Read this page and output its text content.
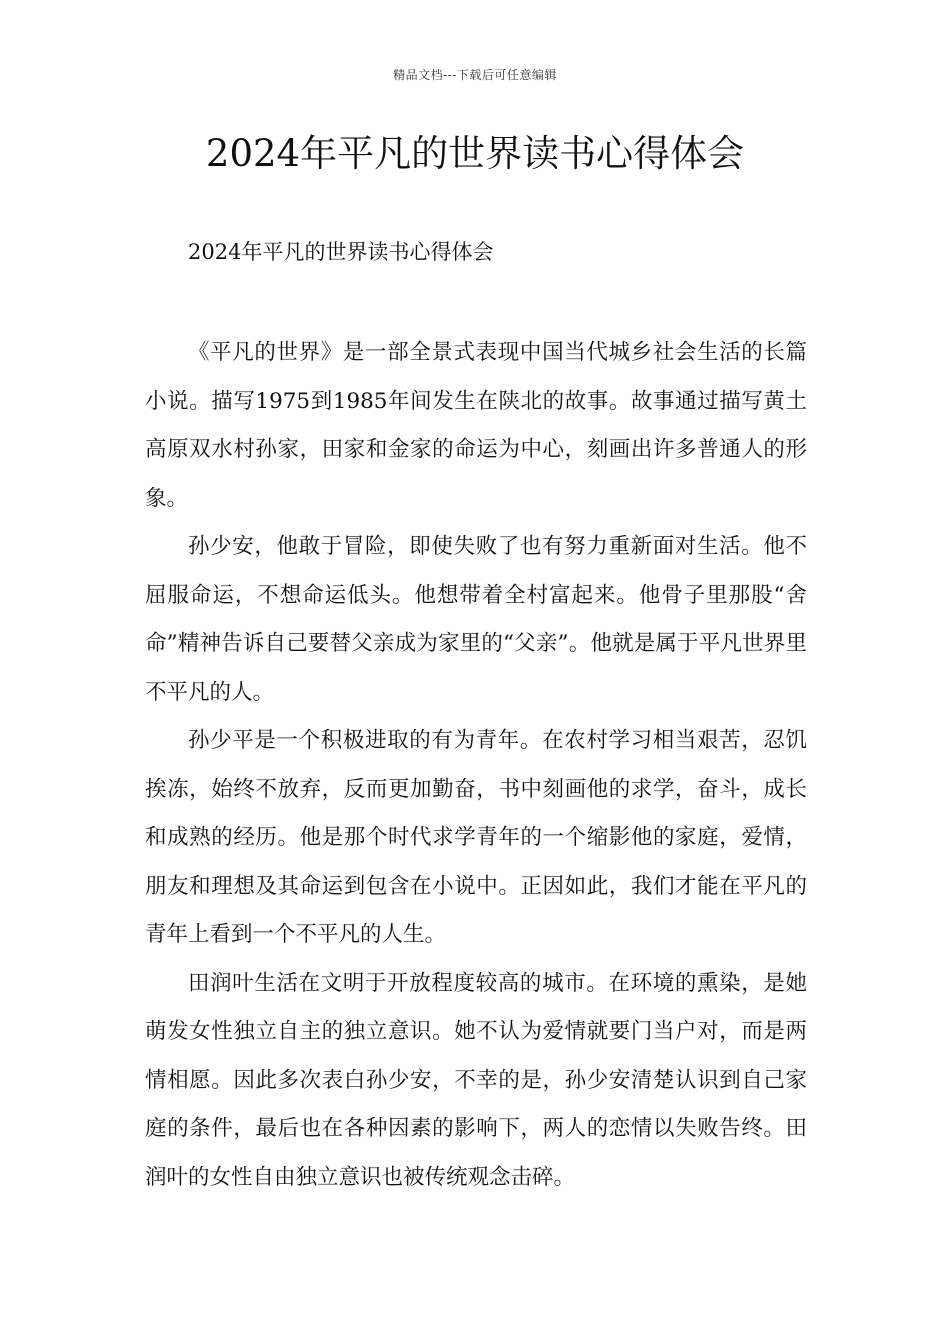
精品文档---下载后可任意编辑
2024年平凡的世界读书心得体会
2024年平凡的世界读书心得体会

《平凡的世界》是一部全景式表现中国当代城乡社会生活的长篇小说。描写1975到1985年间发生在陕北的故事。故事通过描写黄土高原双水村孙家，田家和金家的命运为中心，刻画出许多普通人的形象。

孙少安，他敢于冒险，即使失败了也有努力重新面对生活。他不屈服命运，不想命运低头。他想带着全村富起来。他骨子里那股“舍命”精神告诉自己要替父亲成为家里的“父亲”。他就是属于平凡世界里不平凡的人。

孙少平是一个积极进取的有为青年。在农村学习相当艰苦，忍饥挨冻，始终不放弃，反而更加勤奋，书中刻画他的求学，奋斗，成长和成熟的经历。他是那个时代求学青年的一个缩影他的家庭，爱情，朋友和理想及其命运到包含在小说中。正因如此，我们才能在平凡的青年上看到一个不平凡的人生。

田润叶生活在文明于开放程度较高的城市。在环境的熏染，是她萌发女性独立自主的独立意识。她不认为爱情就要门当户对，而是两情相愿。因此多次表白孙少安，不幸的是，孙少安清楚认识到自己家庭的条件，最后也在各种因素的影响下，两人的恋情以失败告终。田润叶的女性自由独立意识也被传统观念击碎。
